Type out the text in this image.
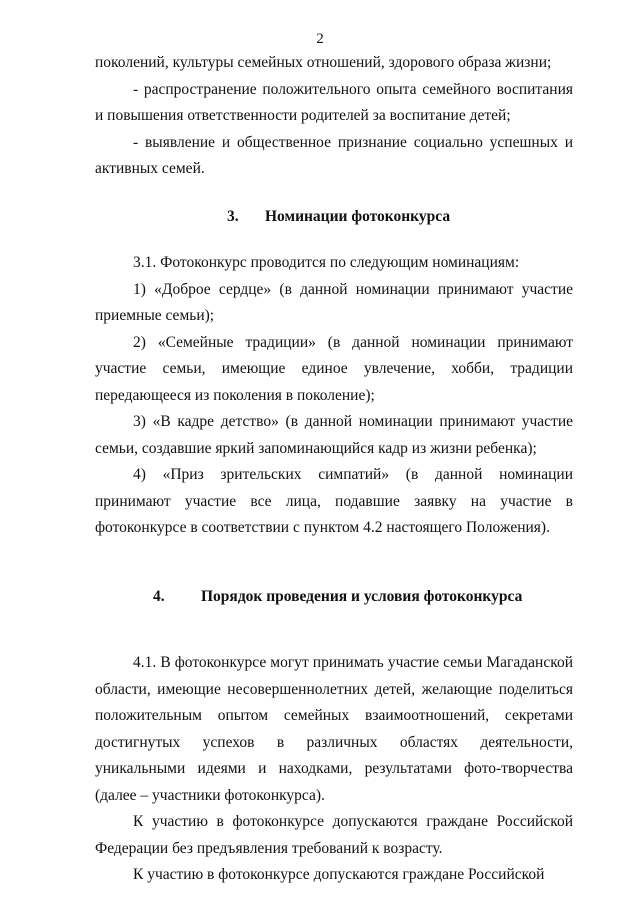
2

поколений, культуры семейных отношений, здорового образа жизни;

- распространение положительного опыта семейного воспитания и повышения ответственности родителей за воспитание детей;

- выявление и общественное признание социально успешных и активных семей.

3. Номинации фотоконкурса

3.1. Фотоконкурс проводится по следующим номинациям:

1) «Доброе сердце» (в данной номинации принимают участие приемные семьи);

2) «Семейные традиции» (в данной номинации принимают участие семьи, имеющие единое увлечение, хобби, традиции передающееся из поколения в поколение);

3) «В кадре детство» (в данной номинации принимают участие семьи, создавшие яркий запоминающийся кадр из жизни ребенка);

4) «Приз зрительских симпатий» (в данной номинации принимают участие все лица, подавшие заявку на участие в фотоконкурсе в соответствии с пунктом 4.2 настоящего Положения).

4. Порядок проведения и условия фотоконкурса

4.1. В фотоконкурсе могут принимать участие семьи Магаданской области, имеющие несовершеннолетних детей, желающие поделиться положительным опытом семейных взаимоотношений, секретами достигнутых успехов в различных областях деятельности, уникальными идеями и находками, результатами фото-творчества (далее – участники фотоконкурса).

К участию в фотоконкурсе допускаются граждане Российской Федерации без предъявления требований к возрасту.

К участию в фотоконкурсе допускаются граждане Российской
